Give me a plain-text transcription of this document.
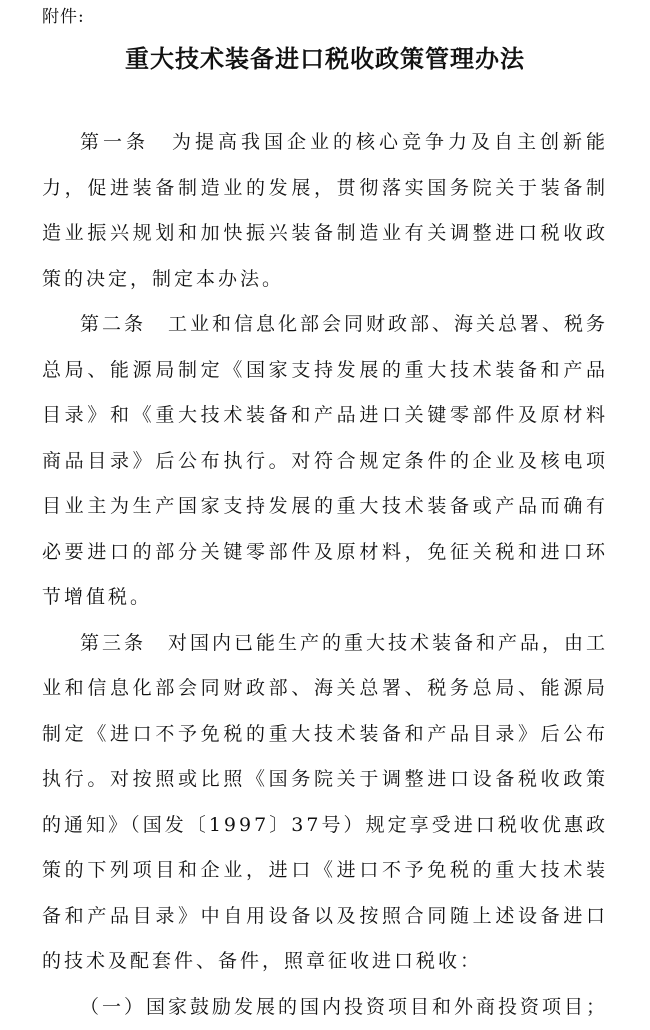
附件:
重大技术装备进口税收政策管理办法

第一条　为提高我国企业的核心竞争力及自主创新能力，促进装备制造业的发展，贯彻落实国务院关于装备制造业振兴规划和加快振兴装备制造业有关调整进口税收政策的决定，制定本办法。

第二条　工业和信息化部会同财政部、海关总署、税务总局、能源局制定《国家支持发展的重大技术装备和产品目录》和《重大技术装备和产品进口关键零部件及原材料商品目录》后公布执行。对符合规定条件的企业及核电项目业主为生产国家支持发展的重大技术装备或产品而确有必要进口的部分关键零部件及原材料，免征关税和进口环节增值税。

第三条　对国内已能生产的重大技术装备和产品，由工业和信息化部会同财政部、海关总署、税务总局、能源局制定《进口不予免税的重大技术装备和产品目录》后公布执行。对按照或比照《国务院关于调整进口设备税收政策的通知》（国发〔1997〕37号）规定享受进口税收优惠政策的下列项目和企业，进口《进口不予免税的重大技术装备和产品目录》中自用设备以及按照合同随上述设备进口的技术及配套件、备件，照章征收进口税收：

（一）国家鼓励发展的国内投资项目和外商投资项目；
